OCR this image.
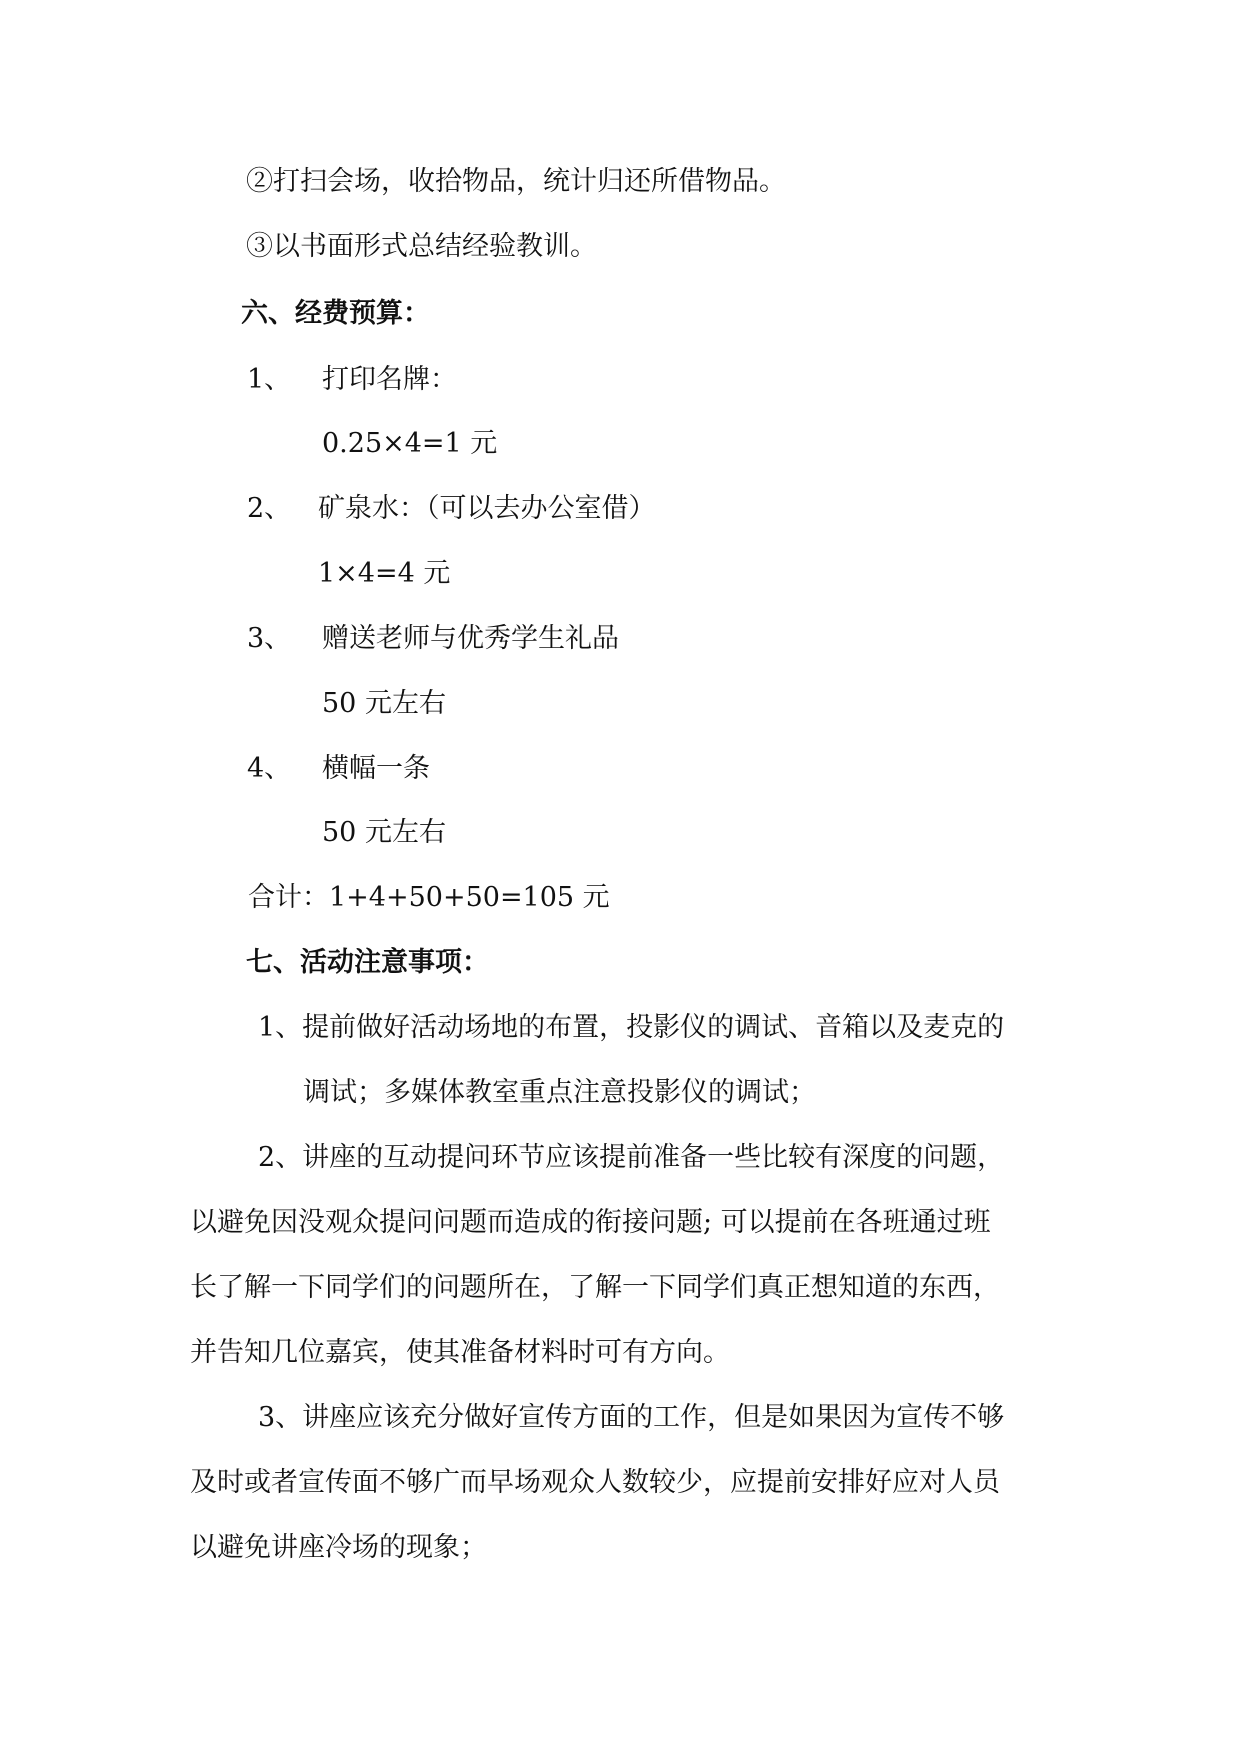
②打扫会场，收拾物品，统计归还所借物品。
③以书面形式总结经验教训。
六、经费预算：
1、 打印名牌：
0.25×4=1 元
2、 矿泉水：（可以去办公室借）
1×4=4 元
3、 赠送老师与优秀学生礼品
50 元左右
4、 横幅一条
50 元左右
合计：1+4+50+50=105 元
七、活动注意事项：
1、提前做好活动场地的布置，投影仪的调试、音箱以及麦克的
调试；多媒体教室重点注意投影仪的调试；
2、讲座的互动提问环节应该提前准备一些比较有深度的问题，
以避免因没观众提问问题而造成的衔接问题; 可以提前在各班通过班
长了解一下同学们的问题所在，了解一下同学们真正想知道的东西，
并告知几位嘉宾，使其准备材料时可有方向。
3、讲座应该充分做好宣传方面的工作，但是如果因为宣传不够
及时或者宣传面不够广而早场观众人数较少，应提前安排好应对人员
以避免讲座冷场的现象；
